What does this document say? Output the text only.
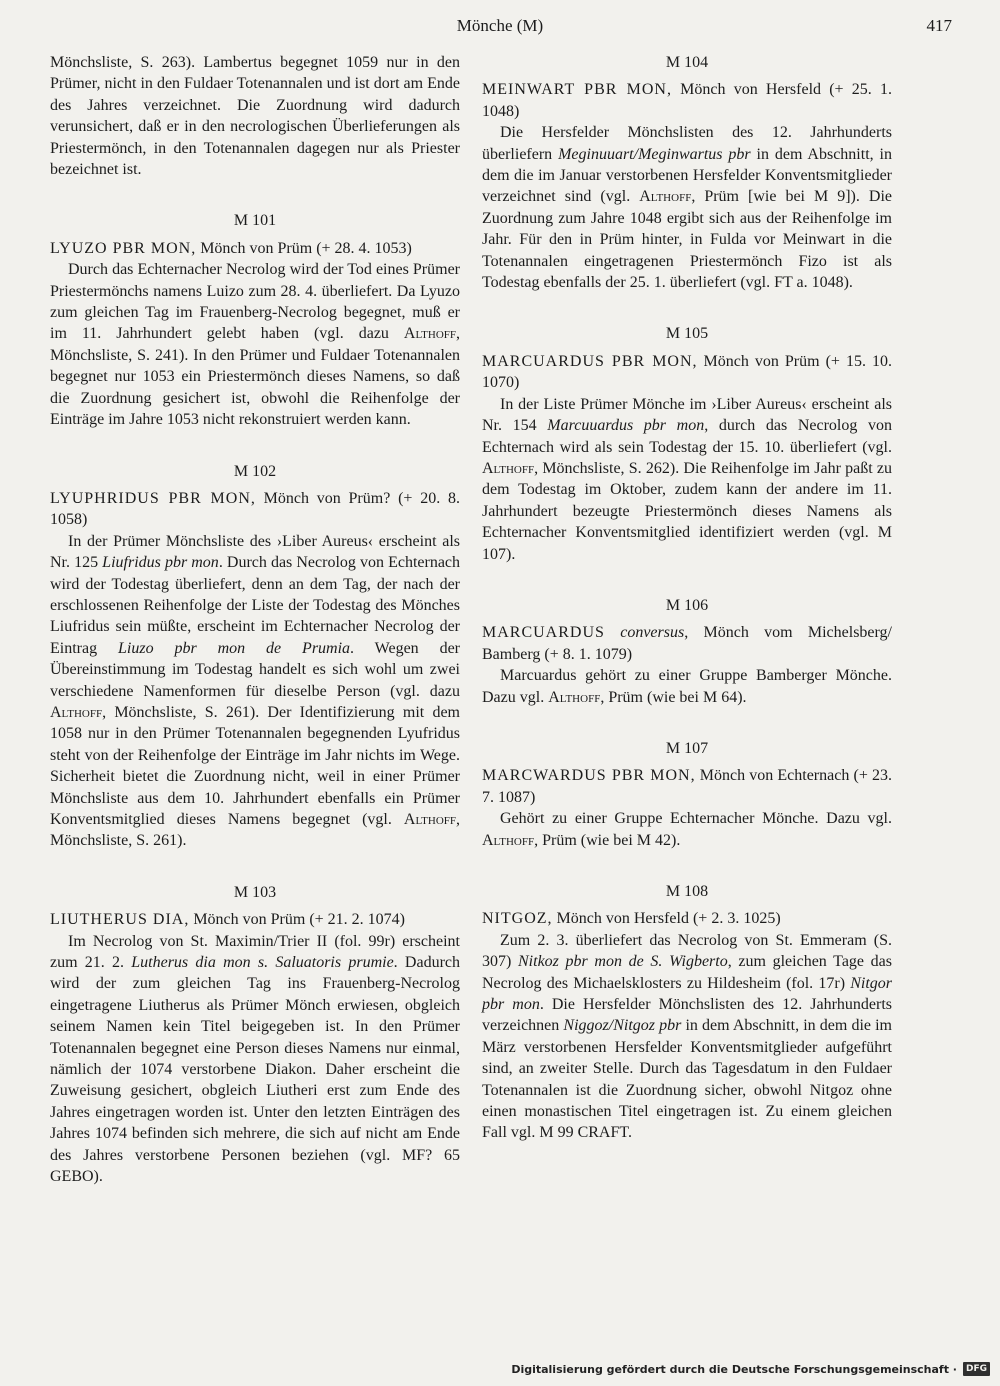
Mönche (M)	417

Mönchsliste, S. 263). Lambertus begegnet 1059 nur in den Prümer, nicht in den Fuldaer Totenannalen und ist dort am Ende des Jahres verzeichnet. Die Zuordnung wird dadurch verunsichert, daß er in den necrologischen Überlieferungen als Priestermönch, in den Totenannalen dagegen nur als Priester bezeichnet ist.

M 101

LYUZO PBR MON, Mönch von Prüm (+ 28. 4. 1053)

Durch das Echternacher Necrolog wird der Tod eines Prümer Priestermönchs namens Luizo zum 28. 4. überliefert. Da Lyuzo zum gleichen Tag im Frauenberg-Necrolog begegnet, muß er im 11. Jahrhundert gelebt haben (vgl. dazu Althoff, Mönchsliste, S. 241). In den Prümer und Fuldaer Totenannalen begegnet nur 1053 ein Priestermönch dieses Namens, so daß die Zuordnung gesichert ist, obwohl die Reihenfolge der Einträge im Jahre 1053 nicht rekonstruiert werden kann.

M 102

LYUPHRIDUS PBR MON, Mönch von Prüm? (+ 20. 8. 1058)

In der Prümer Mönchsliste des ›Liber Aureus‹ erscheint als Nr. 125 Liufridus pbr mon. Durch das Necrolog von Echternach wird der Todestag überliefert, denn an dem Tag, der nach der erschlossenen Reihenfolge der Liste der Todestag des Mönches Liufridus sein müßte, erscheint im Echternacher Necrolog der Eintrag Liuzo pbr mon de Prumia. Wegen der Übereinstimmung im Todestag handelt es sich wohl um zwei verschiedene Namenformen für dieselbe Person (vgl. dazu Althoff, Mönchsliste, S. 261). Der Identifizierung mit dem 1058 nur in den Prümer Totenannalen begegnenden Lyufridus steht von der Reihenfolge der Einträge im Jahr nichts im Wege. Sicherheit bietet die Zuordnung nicht, weil in einer Prümer Mönchsliste aus dem 10. Jahrhundert ebenfalls ein Prümer Konventsmitglied dieses Namens begegnet (vgl. Althoff, Mönchsliste, S. 261).

M 103

LIUTHERUS DIA, Mönch von Prüm (+ 21. 2. 1074)

Im Necrolog von St. Maximin/Trier II (fol. 99r) erscheint zum 21. 2. Lutherus dia mon s. Saluatoris prumie. Dadurch wird der zum gleichen Tag ins Frauenberg-Necrolog eingetragene Liutherus als Prümer Mönch erwiesen, obgleich seinem Namen kein Titel beigegeben ist. In den Prümer Totenannalen begegnet eine Person dieses Namens nur einmal, nämlich der 1074 verstorbene Diakon. Daher erscheint die Zuweisung gesichert, obgleich Liutheri erst zum Ende des Jahres eingetragen worden ist. Unter den letzten Einträgen des Jahres 1074 befinden sich mehrere, die sich auf nicht am Ende des Jahres verstorbene Personen beziehen (vgl. MF? 65 GEBO).

M 104

MEINWART PBR MON, Mönch von Hersfeld (+ 25. 1. 1048)

Die Hersfelder Mönchslisten des 12. Jahrhunderts überliefern Meginuuart/Meginwartus pbr in dem Abschnitt, in dem die im Januar verstorbenen Hersfelder Konventsmitglieder verzeichnet sind (vgl. Althoff, Prüm [wie bei M 9]). Die Zuordnung zum Jahre 1048 ergibt sich aus der Reihenfolge im Jahr. Für den in Prüm hinter, in Fulda vor Meinwart in die Totenannalen eingetragenen Priestermönch Fizo ist als Todestag ebenfalls der 25. 1. überliefert (vgl. FT a. 1048).

M 105

MARCUARDUS PBR MON, Mönch von Prüm (+ 15. 10. 1070)

In der Liste Prümer Mönche im ›Liber Aureus‹ erscheint als Nr. 154 Marcuuardus pbr mon, durch das Necrolog von Echternach wird als sein Todestag der 15. 10. überliefert (vgl. Althoff, Mönchsliste, S. 262). Die Reihenfolge im Jahr paßt zu dem Todestag im Oktober, zudem kann der andere im 11. Jahrhundert bezeugte Priestermönch dieses Namens als Echternacher Konventsmitglied identifiziert werden (vgl. M 107).

M 106

MARCUARDUS conversus, Mönch vom Michelsberg/ Bamberg (+ 8. 1. 1079)

Marcuardus gehört zu einer Gruppe Bamberger Mönche. Dazu vgl. Althoff, Prüm (wie bei M 64).

M 107

MARCWARDUS PBR MON, Mönch von Echternach (+ 23. 7. 1087)

Gehört zu einer Gruppe Echternacher Mönche. Dazu vgl. Althoff, Prüm (wie bei M 42).

M 108

NITGOZ, Mönch von Hersfeld (+ 2. 3. 1025)

Zum 2. 3. überliefert das Necrolog von St. Emmeram (S. 307) Nitkoz pbr mon de S. Wigberto, zum gleichen Tage das Necrolog des Michaelsklosters zu Hildesheim (fol. 17r) Nitgor pbr mon. Die Hersfelder Mönchslisten des 12. Jahrhunderts verzeichnen Niggoz/Nitgoz pbr in dem Abschnitt, in dem die im März verstorbenen Hersfelder Konventsmitglieder aufgeführt sind, an zweiter Stelle. Durch das Tagesdatum in den Fuldaer Totenannalen ist die Zuordnung sicher, obwohl Nitgoz ohne einen monastischen Titel eingetragen ist. Zu einem gleichen Fall vgl. M 99 CRAFT.

Digitalisierung gefördert durch die Deutsche Forschungsgemeinschaft ·	DFG
